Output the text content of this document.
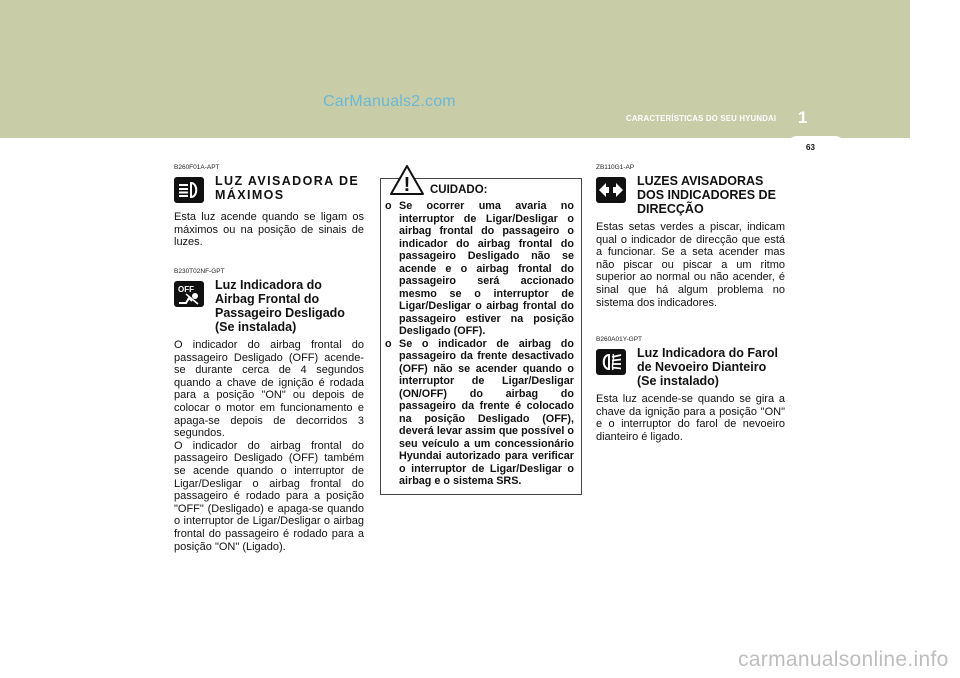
CarManuals2.com
CARACTERÍSTICAS DO SEU HYUNDAI 1
63
B260F01A-APT
LUZ AVISADORA DE MÁXIMOS
Esta luz acende quando se ligam os máximos ou na posição de sinais de luzes.
B230T02NF-GPT
OFF Luz Indicadora do Airbag Frontal do Passageiro Desligado (Se instalada)
O indicador do airbag frontal do passageiro Desligado (OFF) acende-se durante cerca de 4 segundos quando a chave de ignição é rodada para a posição "ON" ou depois de colocar o motor em funcionamento e apaga-se depois de decorridos 3 segundos.
O indicador do airbag frontal do passageiro Desligado (OFF) também se acende quando o interruptor de Ligar/Desligar o airbag frontal do passageiro é rodado para a posição "OFF" (Desligado) e apaga-se quando o interruptor de Ligar/Desligar o airbag frontal do passageiro é rodado para a posição "ON" (Ligado).
! CUIDADO:
o Se ocorrer uma avaria no interruptor de Ligar/Desligar o airbag frontal do passageiro o indicador do airbag frontal do passageiro Desligado não se acende e o airbag frontal do passageiro será accionado mesmo se o interruptor de Ligar/Desligar o airbag frontal do passageiro estiver na posição Desligado (OFF).
o Se o indicador de airbag do passageiro da frente desactivado (OFF) não se acender quando o interruptor de Ligar/Desligar (ON/OFF) do airbag do passageiro da frente é colocado na posição Desligado (OFF), deverá levar assim que possível o seu veículo a um concessionário Hyundai autorizado para verificar o interruptor de Ligar/Desligar o airbag e o sistema SRS.
ZB110G1-AP
LUZES AVISADORAS DOS INDICADORES DE DIRECÇÃO
Estas setas verdes a piscar, indicam qual o indicador de direcção que está a funcionar. Se a seta acender mas não piscar ou piscar a um ritmo superior ao normal ou não acender, é sinal que há algum problema no sistema dos indicadores.
B260A01Y-GPT
Luz Indicadora do Farol de Nevoeiro Dianteiro (Se instalado)
Esta luz acende-se quando se gira a chave da ignição para a posição "ON" e o interruptor do farol de nevoeiro dianteiro é ligado.
carmanualsonline.info
